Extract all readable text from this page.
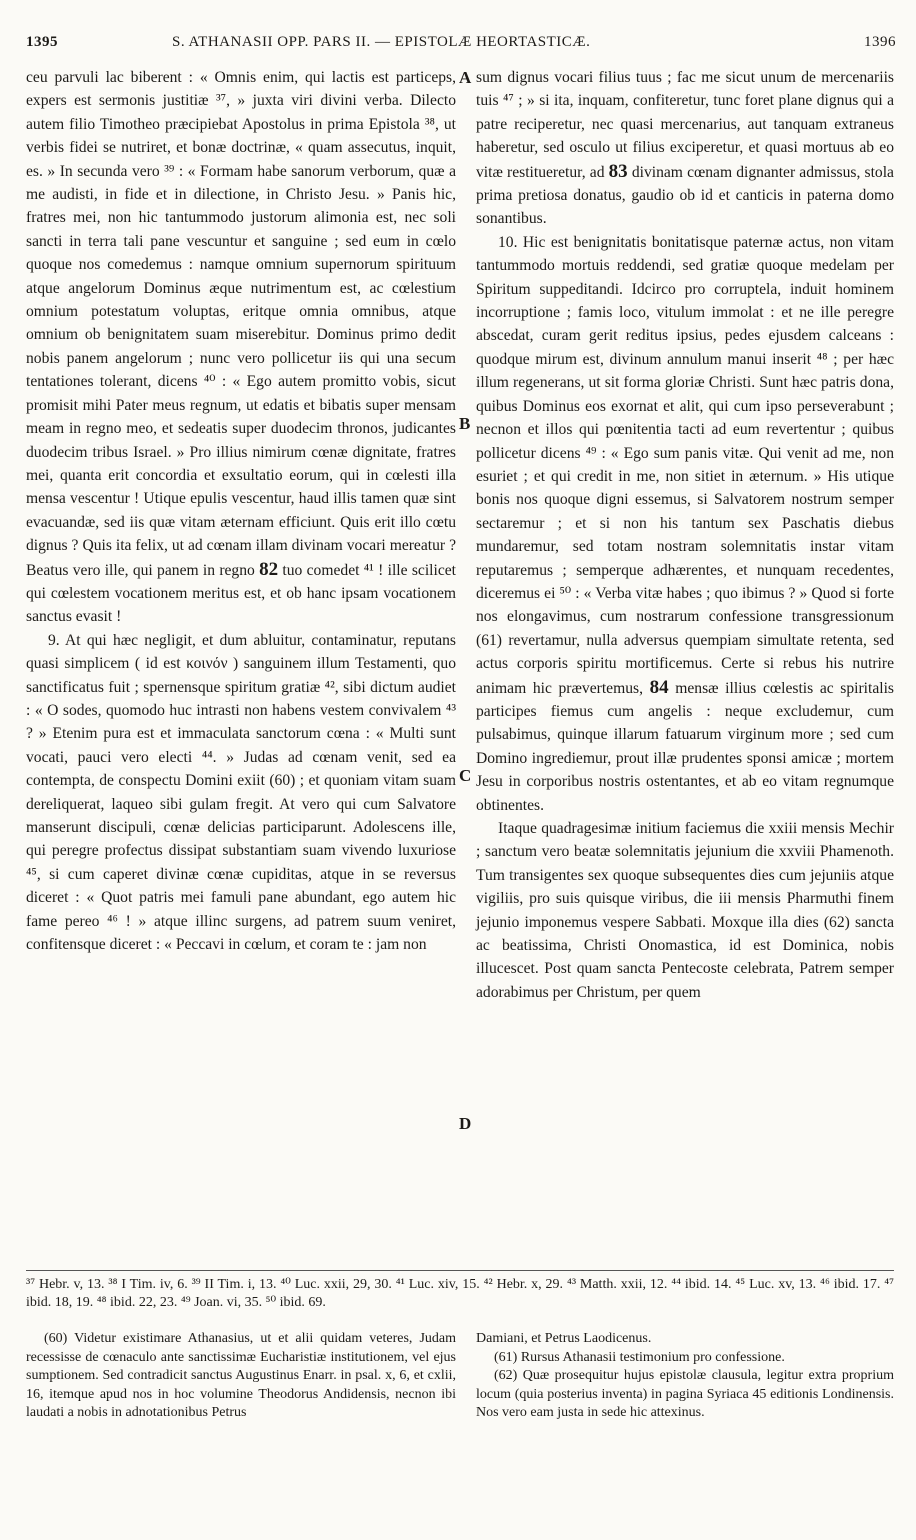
1395	S. ATHANASII OPP. PARS II. — EPISTOLÆ HEORTASTICÆ.	1396

ceu parvuli lac biberent : « Omnis enim, qui lactis est particeps, expers est sermonis justitiæ ³⁷, » juxta viri divini verba. Dilecto autem filio Timotheo præcipiebat Apostolus in prima Epistola ³⁸, ut verbis fidei se nutriret, et bonæ doctrinæ, « quam assecutus, inquit, es. » In secunda vero ³⁹ : « Formam habe sanorum verborum, quæ a me audisti, in fide et in dilectione, in Christo Jesu. » Panis hic, fratres mei, non hic tantummodo justorum alimonia est, nec soli sancti in terra tali pane vescuntur et sanguine ; sed eum in cœlo quoque nos comedemus : namque omnium supernorum spirituum atque angelorum Dominus æque nutrimentum est, ac cœlestium omnium potestatum voluptas, eritque omnia omnibus, atque omnium ob benignitatem suam miserebitur. Dominus primo dedit nobis panem angelorum ; nunc vero pollicetur iis qui una secum tentationes tolerant, dicens ⁴⁰ : « Ego autem promitto vobis, sicut promisit mihi Pater meus regnum, ut edatis et bibatis super mensam meam in regno meo, et sedeatis super duodecim thronos, judicantes duodecim tribus Israel. » Pro illius nimirum cœnæ dignitate, fratres mei, quanta erit concordia et exsultatio eorum, qui in cœlesti illa mensa vescentur ! Utique epulis vescentur, haud illis tamen quæ sint evacuandæ, sed iis quæ vitam æternam efficiunt. Quis erit illo cœtu dignus ? Quis ita felix, ut ad cœnam illam divinam vocari mereatur ? Beatus vero ille, qui panem in regno 82 tuo comedet ⁴¹ ! ille scilicet qui cœlestem vocationem meritus est, et ob hanc ipsam vocationem sanctus evasit !

9. At qui hæc negligit, et dum abluitur, contaminatur, reputans quasi simplicem ( id est κοινόν ) sanguinem illum Testamenti, quo sanctificatus fuit ; spernensque spiritum gratiæ ⁴², sibi dictum audiet : « O sodes, quomodo huc intrasti non habens vestem convivalem ⁴³ ? » Etenim pura est et immaculata sanctorum cœna : « Multi sunt vocati, pauci vero electi ⁴⁴. » Judas ad cœnam venit, sed ea contempta, de conspectu Domini exiit (60) ; et quoniam vitam suam dereliquerat, laqueo sibi gulam fregit. At vero qui cum Salvatore manserunt discipuli, cœnæ delicias participarunt. Adolescens ille, qui peregre profectus dissipat substantiam suam vivendo luxuriose ⁴⁵, si cum caperet divinæ cœnæ cupiditas, atque in se reversus diceret : « Quot patris mei famuli pane abundant, ego autem hic fame pereo ⁴⁶ ! » atque illinc surgens, ad patrem suum veniret, confitensque diceret : « Peccavi in cœlum, et coram te : jam non

sum dignus vocari filius tuus ; fac me sicut unum de mercenariis tuis ⁴⁷ ; » si ita, inquam, confiteretur, tunc foret plane dignus qui a patre reciperetur, nec quasi mercenarius, aut tanquam extraneus haberetur, sed osculo ut filius exciperetur, et quasi mortuus ab eo vitæ restitueretur, ad 83 divinam cœnam dignanter admissus, stola prima pretiosa donatus, gaudio ob id et canticis in paterna domo sonantibus.

10. Hic est benignitatis bonitatisque paternæ actus, non vitam tantummodo mortuis reddendi, sed gratiæ quoque medelam per Spiritum suppeditandi. Idcirco pro corruptela, induit hominem incorruptione ; famis loco, vitulum immolat : et ne ille peregre abscedat, curam gerit reditus ipsius, pedes ejusdem calceans : quodque mirum est, divinum annulum manui inserit ⁴⁸ ; per hæc illum regenerans, ut sit forma gloriæ Christi. Sunt hæc patris dona, quibus Dominus eos exornat et alit, qui cum ipso perseverabunt ; necnon et illos qui pœnitentia tacti ad eum revertentur ; quibus pollicetur dicens ⁴⁹ : « Ego sum panis vitæ. Qui venit ad me, non esuriet ; et qui credit in me, non sitiet in æternum. » His utique bonis nos quoque digni essemus, si Salvatorem nostrum semper sectaremur ; et si non his tantum sex Paschatis diebus mundaremur, sed totam nostram solemnitatis instar vitam reputaremus ; semperque adhærentes, et nunquam recedentes, diceremus ei ⁵⁰ : « Verba vitæ habes ; quo ibimus ? » Quod si forte nos elongavimus, cum nostrarum confessione transgressionum (61) revertamur, nulla adversus quempiam simultate retenta, sed actus corporis spiritu mortificemus. Certe si rebus his nutrire animam hic prævertemus, 84 mensæ illius cœlestis ac spiritalis participes fiemus cum angelis : neque excludemur, cum pulsabimus, quinque illarum fatuarum virginum more ; sed cum Domino ingrediemur, prout illæ prudentes sponsi amicæ ; mortem Jesu in corporibus nostris ostentantes, et ab eo vitam regnumque obtinentes.

Itaque quadragesimæ initium faciemus die xxiii mensis Mechir ; sanctum vero beatæ solemnitatis jejunium die xxviii Phamenoth. Tum transigentes sex quoque subsequentes dies cum jejuniis atque vigiliis, pro suis quisque viribus, die iii mensis Pharmuthi finem jejunio imponemus vespere Sabbati. Moxque illa dies (62) sancta ac beatissima, Christi Onomastica, id est Dominica, nobis illucescet. Post quam sancta Pentecoste celebrata, Patrem semper adorabimus per Christum, per quem

A
B
C
D
³⁷ Hebr. v, 13. ³⁸ I Tim. iv, 6. ³⁹ II Tim. i, 13. ⁴⁰ Luc. xxii, 29, 30. ⁴¹ Luc. xiv, 15. ⁴² Hebr. x, 29. ⁴³ Matth. xxii, 12. ⁴⁴ ibid. 14. ⁴⁵ Luc. xv, 13. ⁴⁶ ibid. 17. ⁴⁷ ibid. 18, 19. ⁴⁸ ibid. 22, 23. ⁴⁹ Joan. vi, 35. ⁵⁰ ibid. 69.

(60) Videtur existimare Athanasius, ut et alii quidam veteres, Judam recessisse de cœnaculo ante sanctissimæ Eucharistiæ institutionem, vel ejus sumptionem. Sed contradicit sanctus Augustinus Enarr. in psal. x, 6, et cxlii, 16, itemque apud nos in hoc volumine Theodorus Andidensis, necnon ibi laudati a nobis in adnotationibus Petrus

Damiani, et Petrus Laodicenus.

(61) Rursus Athanasii testimonium pro confessione.

(62) Quæ prosequitur hujus epistolæ clausula, legitur extra proprium locum (quia posterius inventa) in pagina Syriaca 45 editionis Londinensis. Nos vero eam justa in sede hic attexinus.
